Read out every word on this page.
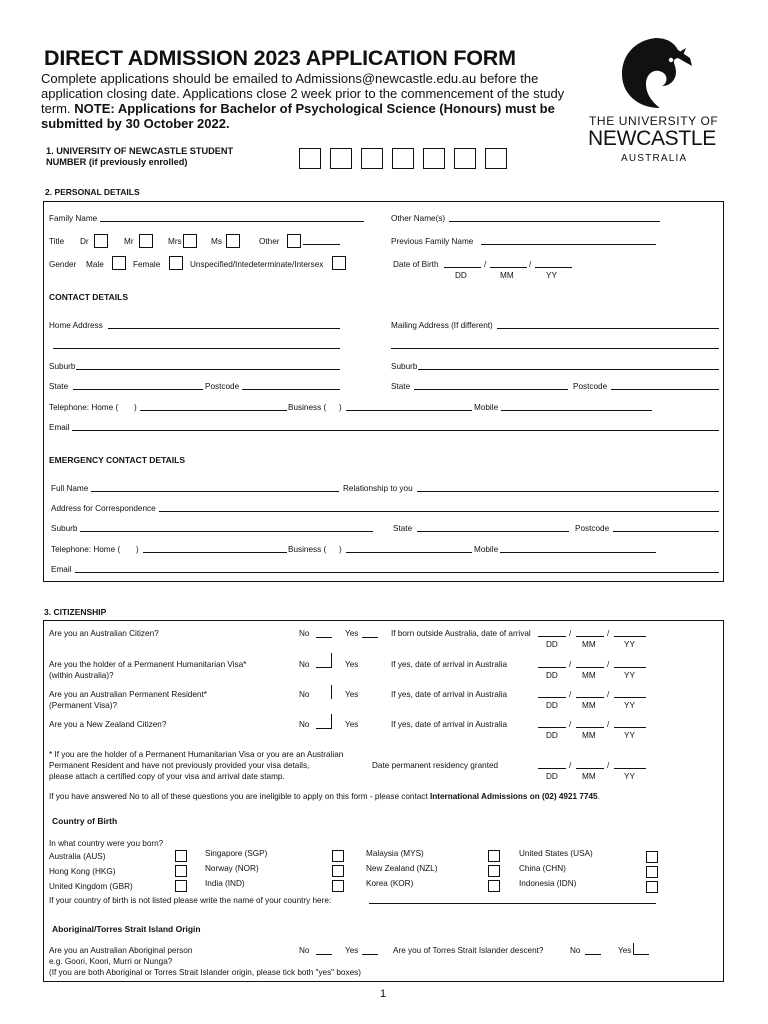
DIRECT ADMISSION 2023 APPLICATION FORM
Complete applications should be emailed to Admissions@newcastle.edu.au before the
application closing date. Applications close 2 week prior to the commencement of the study
term. NOTE: Applications for Bachelor of Psychological Science (Honours) must be
submitted by 30 October 2022.	THE UNIVERSITY OF
NEWCASTLE
AUSTRALIA
1. UNIVERSITY OF NEWCASTLE STUDENT
NUMBER (if previously enrolled)
2. PERSONAL DETAILS
Family Name	Other Name(s)
Title Dr	Mr	Mrs	Ms	Other	Previous Family Name
Gender Male	Female	Unspecified/Intedeterminate/Intersex	Date of Birth	/	/
DD	MM	YY
CONTACT DETAILS
Home Address	Mailing Address (If different)
Suburb	Suburb
State	Postcode	State	Postcode
Telephone: Home ( )	Business ( )	Mobile
Email
EMERGENCY CONTACT DETAILS
Full Name	Relationship to you
Address for Correspondence
Suburb	State	Postcode
Telephone: Home ( )	Business ( )	Mobile
Email
3. CITIZENSHIP
Are you an Australian Citizen?	No	Yes	If born outside Australia, date of arrival	/	/
DD	MM	YY
Are you the holder of a Permanent Humanitarian Visa*
(within Australia)?
No	Yes	If yes, date of arrival in Australia	/	/
DD	MM	YY
Are you an Australian Permanent Resident*
(Permanent Visa)?
No	Yes	If yes, date of arrival in Australia	/	/
DD	MM	YY
Are you a New Zealand Citizen?	No	Yes	If yes, date of arrival in Australia	/	/
DD	MM	YY
* If you are the holder of a Permanent Humanitarian Visa or you are an Australian
Permanent Resident and have not previously provided your visa details,
please attach a certified copy of your visa and arrival date stamp.
Date permanent residency granted	/	/
DD	MM	YY
If you have answered No to all of these questions you are ineligible to apply on this form - please contact International Admissions on (02) 4921 7745.
Country of Birth
In what country were you born?
Australia (AUS)	Singapore (SGP)	Malaysia (MYS)	United States (USA)
Hong Kong (HKG)	Norway (NOR)	New Zealand (NZL)	China (CHN)
United Kingdom (GBR)	India (IND)	Korea (KOR)	Indonesia (IDN)
If your country of birth is not listed please write the name of your country here:
Aboriginal/Torres Strait Island Origin
Are you an Australian Aboriginal person
e.g. Goori, Koori, Murri or Nunga?
(If you are both Aboriginal or Torres Strait Islander origin, please tick both "yes" boxes)
No	Yes	Are you of Torres Strait Islander descent?	No	Yes
1
